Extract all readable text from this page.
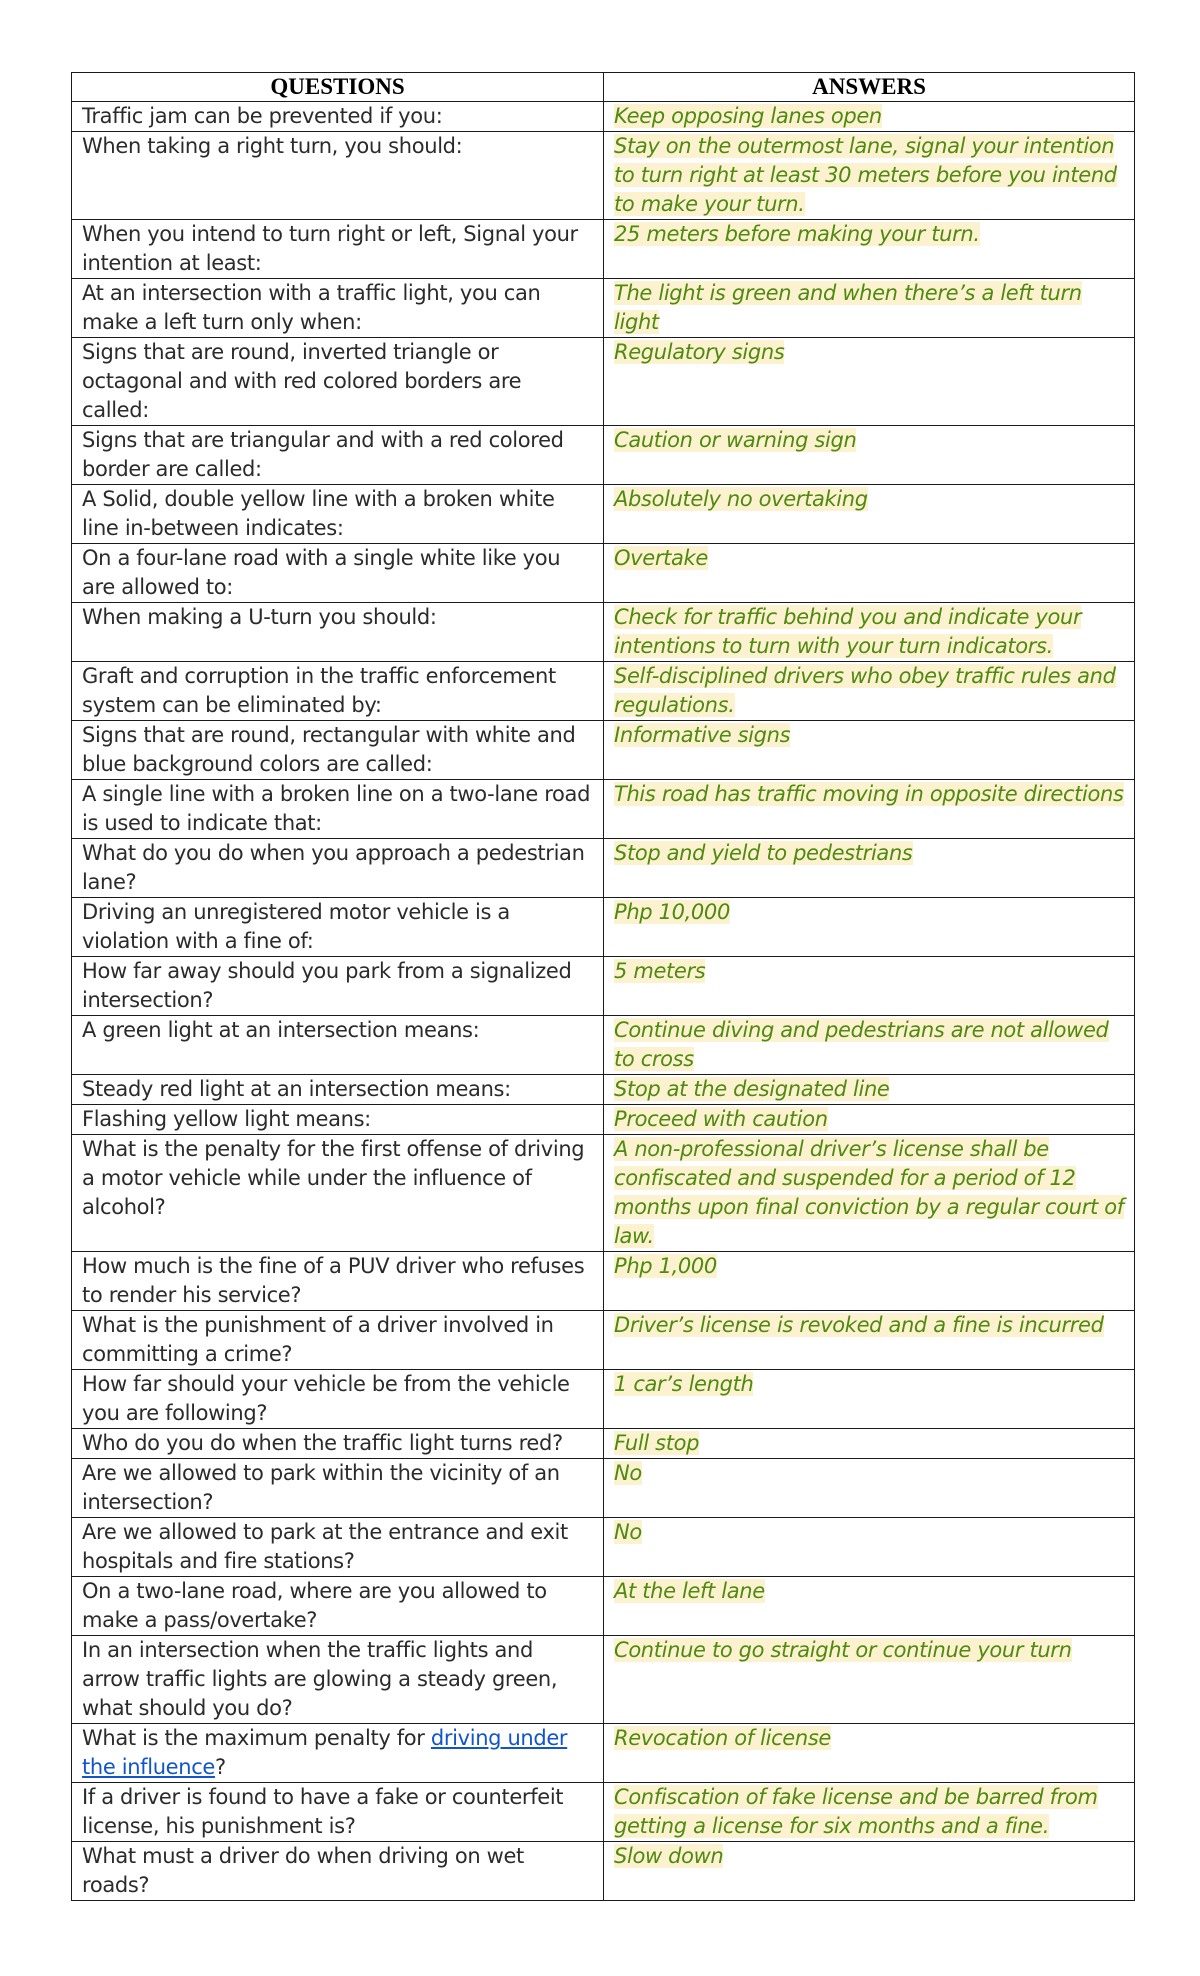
QUESTIONS	ANSWERS
Traffic jam can be prevented if you:	Keep opposing lanes open
When taking a right turn, you should:	Stay on the outermost lane, signal your intention to turn right at least 30 meters before you intend to make your turn.
When you intend to turn right or left, Signal your intention at least:	25 meters before making your turn.
At an intersection with a traffic light, you can make a left turn only when:	The light is green and when there’s a left turn light
Signs that are round, inverted triangle or octagonal and with red colored borders are called:	Regulatory signs
Signs that are triangular and with a red colored border are called:	Caution or warning sign
A Solid, double yellow line with a broken white line in-between indicates:	Absolutely no overtaking
On a four-lane road with a single white like you are allowed to:	Overtake
When making a U-turn you should:	Check for traffic behind you and indicate your intentions to turn with your turn indicators.
Graft and corruption in the traffic enforcement system can be eliminated by:	Self-disciplined drivers who obey traffic rules and regulations.
Signs that are round, rectangular with white and blue background colors are called:	Informative signs
A single line with a broken line on a two-lane road is used to indicate that:	This road has traffic moving in opposite directions
What do you do when you approach a pedestrian lane?	Stop and yield to pedestrians
Driving an unregistered motor vehicle is a violation with a fine of:	Php 10,000
How far away should you park from a signalized intersection?	5 meters
A green light at an intersection means:	Continue diving and pedestrians are not allowed to cross
Steady red light at an intersection means:	Stop at the designated line
Flashing yellow light means:	Proceed with caution
What is the penalty for the first offense of driving a motor vehicle while under the influence of alcohol?	A non-professional driver’s license shall be confiscated and suspended for a period of 12 months upon final conviction by a regular court of law.
How much is the fine of a PUV driver who refuses to render his service?	Php 1,000
What is the punishment of a driver involved in committing a crime?	Driver’s license is revoked and a fine is incurred
How far should your vehicle be from the vehicle you are following?	1 car’s length
Who do you do when the traffic light turns red?	Full stop
Are we allowed to park within the vicinity of an intersection?	No
Are we allowed to park at the entrance and exit hospitals and fire stations?	No
On a two-lane road, where are you allowed to make a pass/overtake?	At the left lane
In an intersection when the traffic lights and arrow traffic lights are glowing a steady green, what should you do?	Continue to go straight or continue your turn
What is the maximum penalty for driving under the influence?	Revocation of license
If a driver is found to have a fake or counterfeit license, his punishment is?	Confiscation of fake license and be barred from getting a license for six months and a fine.
What must a driver do when driving on wet roads?	Slow down
